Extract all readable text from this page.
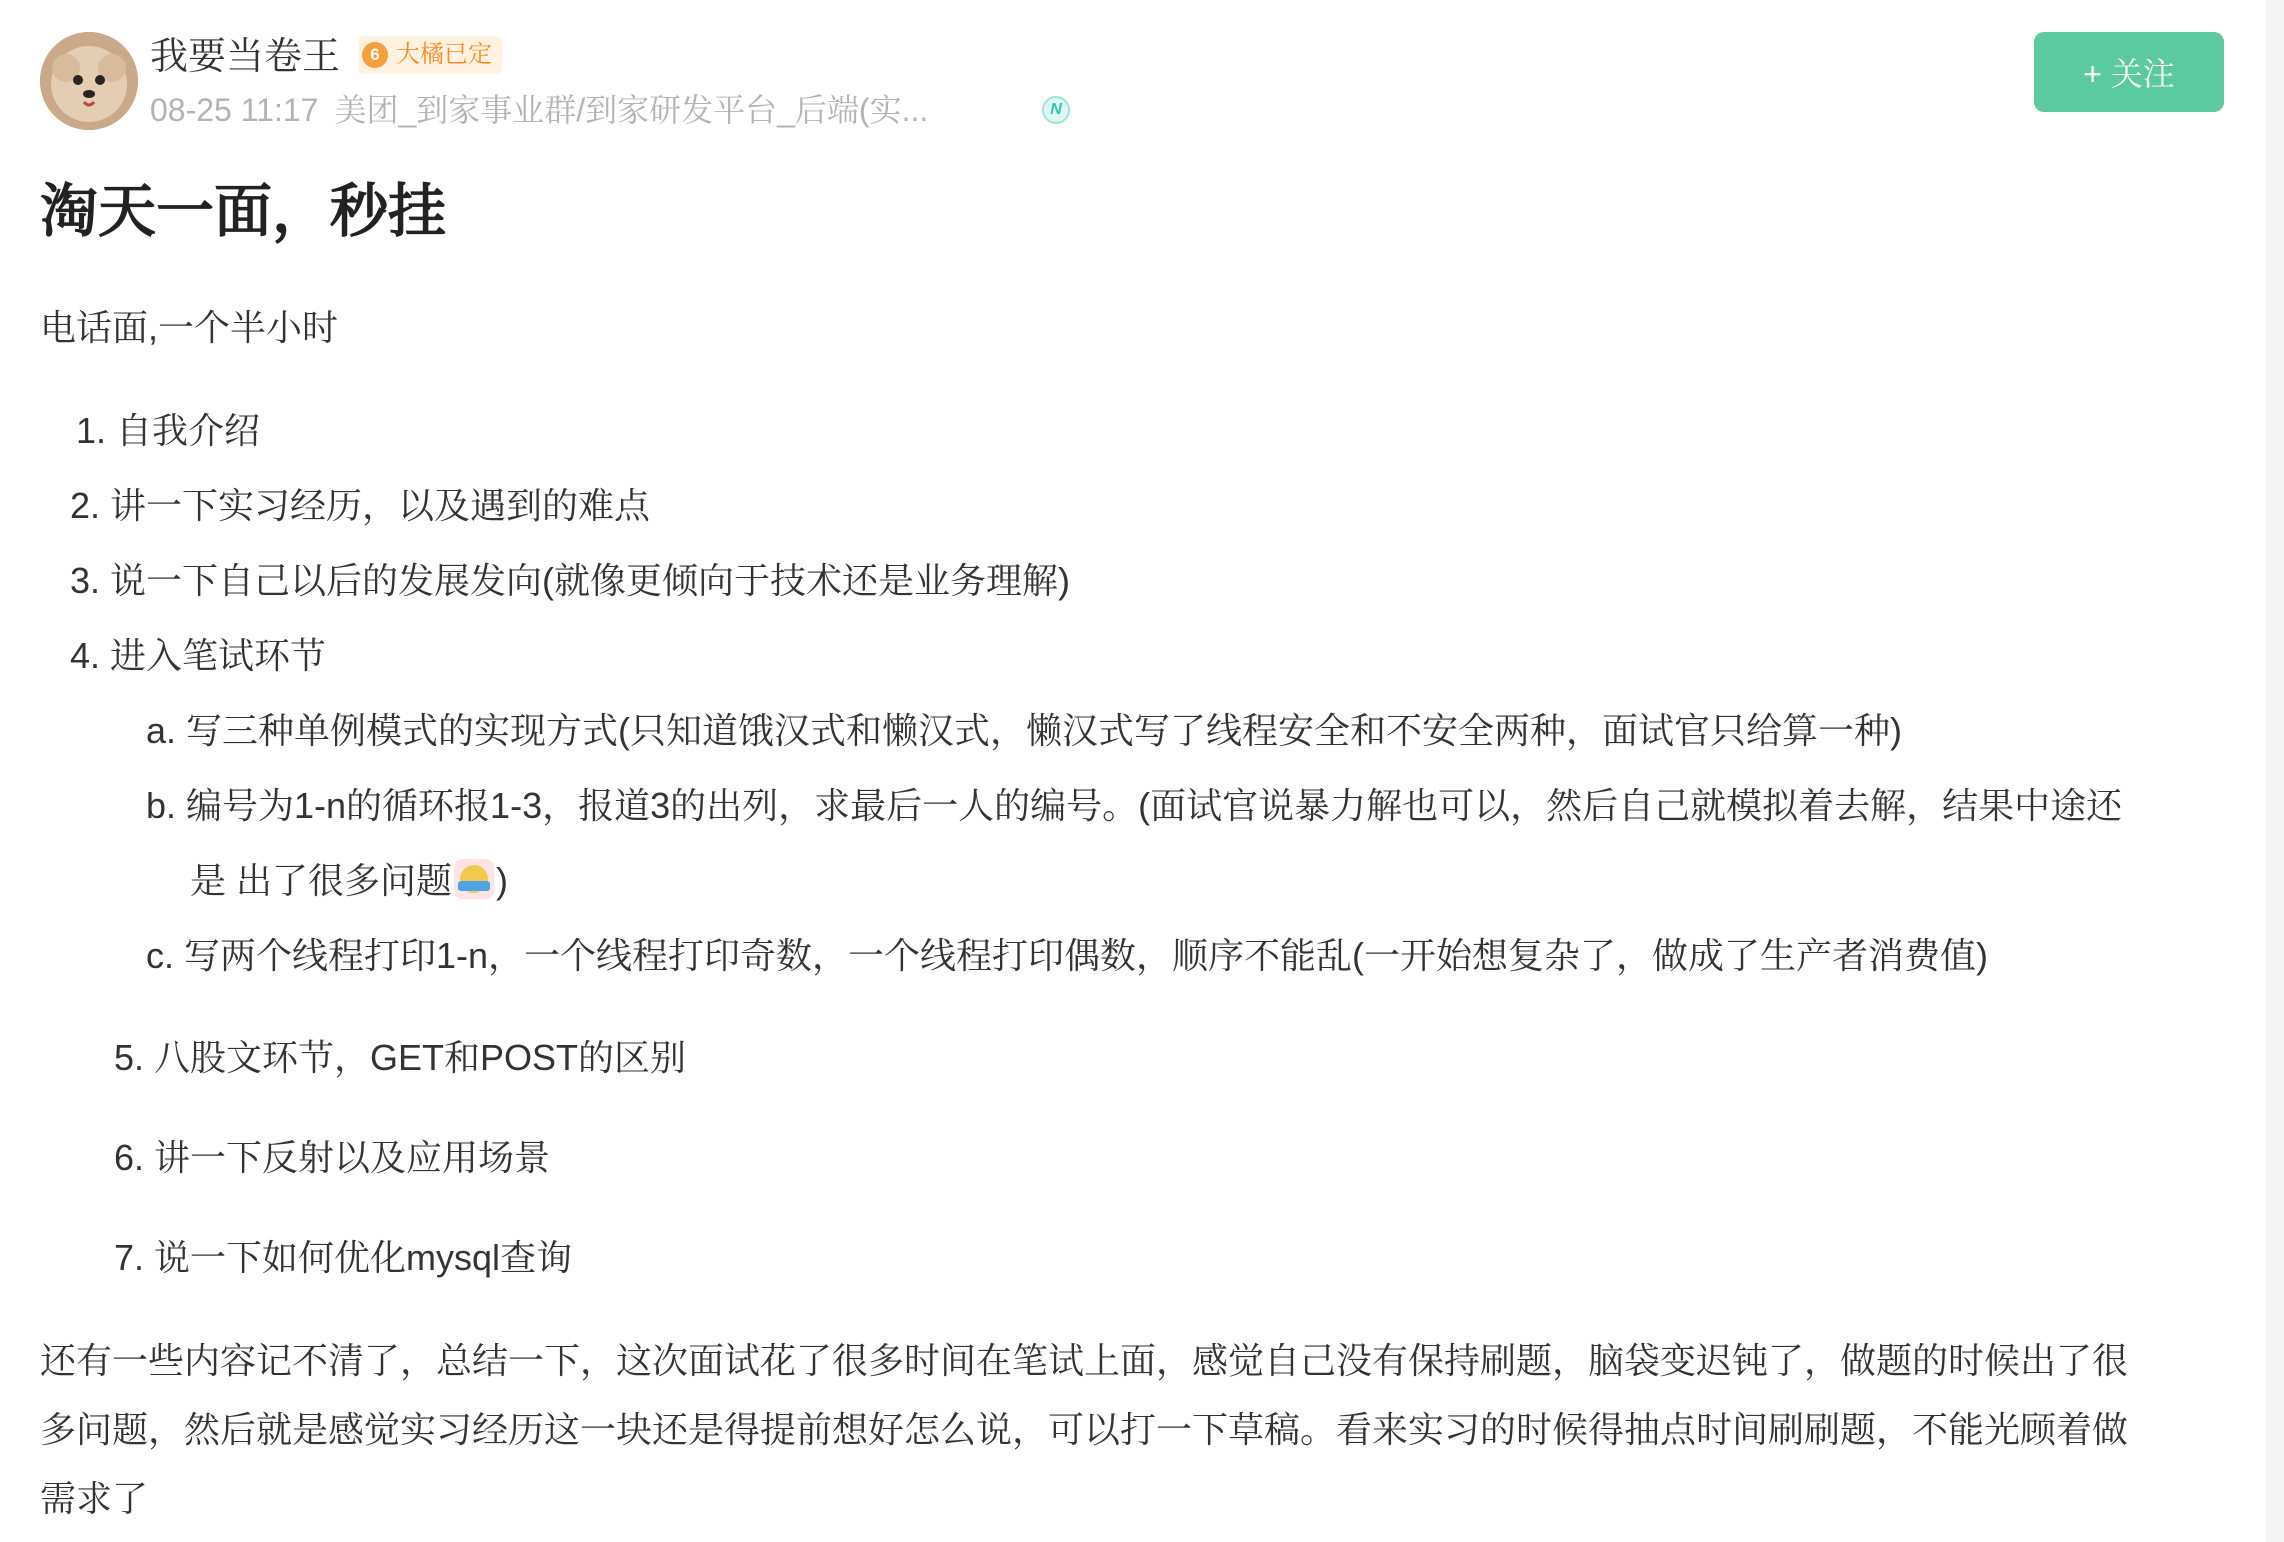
我要当卷王	6 大橘已定
08-25 11:17 美团_到家事业群/到家研发平台_后端(实...	N
+ 关注
淘天一面，秒挂
电话面,一个半小时
1. 自我介绍
2. 讲一下实习经历，以及遇到的难点
3. 说一下自己以后的发展发向(就像更倾向于技术还是业务理解)
4. 进入笔试环节
a. 写三种单例模式的实现方式(只知道饿汉式和懒汉式，懒汉式写了线程安全和不安全两种，面试官只给算一种)
b. 编号为1-n的循环报1-3，报道3的出列，求最后一人的编号。(面试官说暴力解也可以，然后自己就模拟着去解，结果中途还
是 出了很多问题 )
c. 写两个线程打印1-n，一个线程打印奇数，一个线程打印偶数，顺序不能乱(一开始想复杂了，做成了生产者消费值)
5. 八股文环节，GET和POST的区别
6. 讲一下反射以及应用场景
7. 说一下如何优化mysql查询
还有一些内容记不清了，总结一下，这次面试花了很多时间在笔试上面，感觉自己没有保持刷题，脑袋变迟钝了，做题的时候出了很
多问题，然后就是感觉实习经历这一块还是得提前想好怎么说，可以打一下草稿。看来实习的时候得抽点时间刷刷题，不能光顾着做
需求了
